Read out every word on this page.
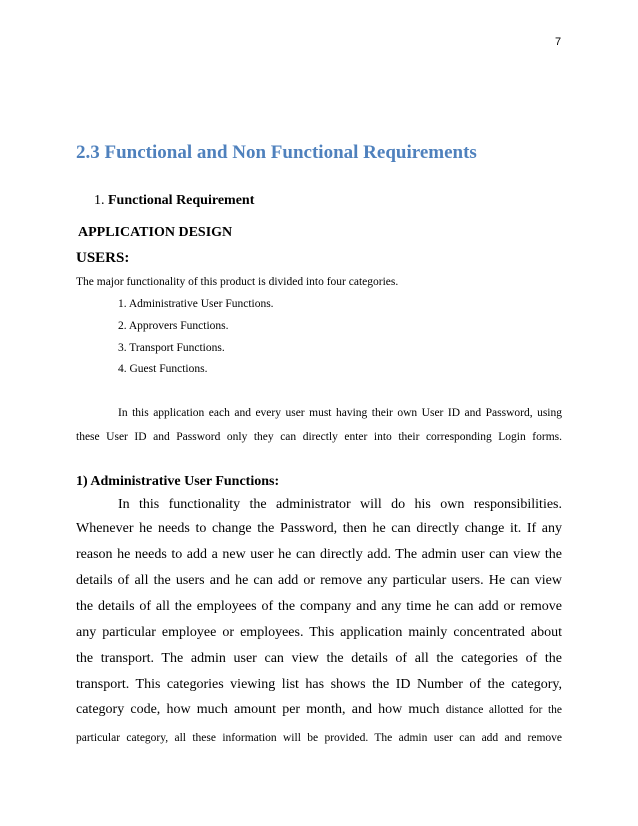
7
2.3 Functional and Non Functional Requirements
1. Functional Requirement
APPLICATION DESIGN
USERS:
The major functionality of this product is divided into four categories.
1. Administrative User Functions.
2. Approvers Functions.
3. Transport Functions.
4. Guest Functions.
In this application each and every user must having their own User ID and Password, using
these User ID and Password only they can directly enter into their corresponding Login forms.
1) Administrative User Functions:
In this functionality the administrator will do his own responsibilities.
Whenever he needs to change the Password, then he can directly change it. If any
reason he needs to add a new user he can directly add. The admin user can view the
details of all the users and he can add or remove any particular users. He can view
the details of all the employees of the company and any time he can add or remove
any particular employee or employees. This application mainly concentrated about
the transport. The admin user can view the details of all the categories of the
transport. This categories viewing list has shows the ID Number of the category,
category code, how much amount per month, and how much distance allotted for the
particular category, all these information will be provided. The admin user can add and remove
